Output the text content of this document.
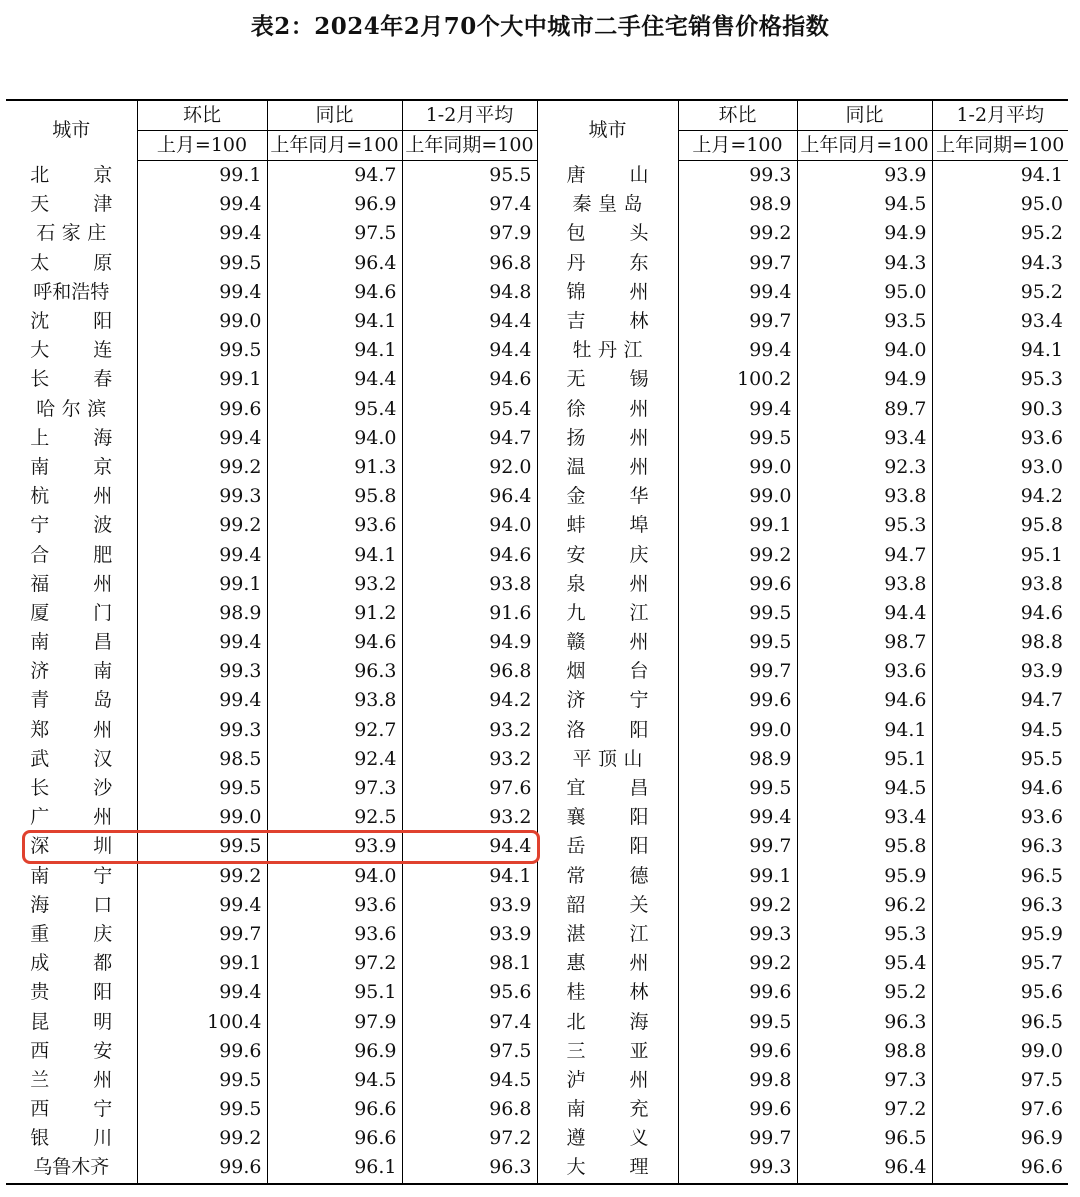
表2：2024年2月70个大中城市二手住宅销售价格指数
城市	环比	同比	1-2月平均	城市	环比	同比	1-2月平均
	上月=100	上年同月=100	上年同期=100		上月=100	上年同月=100	上年同期=100
北京	99.1	94.7	95.5	唐山	99.3	93.9	94.1
天津	99.4	96.9	97.4	秦皇岛	98.9	94.5	95.0
石家庄	99.4	97.5	97.9	包头	99.2	94.9	95.2
太原	99.5	96.4	96.8	丹东	99.7	94.3	94.3
呼和浩特	99.4	94.6	94.8	锦州	99.4	95.0	95.2
沈阳	99.0	94.1	94.4	吉林	99.7	93.5	93.4
大连	99.5	94.1	94.4	牡丹江	99.4	94.0	94.1
长春	99.1	94.4	94.6	无锡	100.2	94.9	95.3
哈尔滨	99.6	95.4	95.4	徐州	99.4	89.7	90.3
上海	99.4	94.0	94.7	扬州	99.5	93.4	93.6
南京	99.2	91.3	92.0	温州	99.0	92.3	93.0
杭州	99.3	95.8	96.4	金华	99.0	93.8	94.2
宁波	99.2	93.6	94.0	蚌埠	99.1	95.3	95.8
合肥	99.4	94.1	94.6	安庆	99.2	94.7	95.1
福州	99.1	93.2	93.8	泉州	99.6	93.8	93.8
厦门	98.9	91.2	91.6	九江	99.5	94.4	94.6
南昌	99.4	94.6	94.9	赣州	99.5	98.7	98.8
济南	99.3	96.3	96.8	烟台	99.7	93.6	93.9
青岛	99.4	93.8	94.2	济宁	99.6	94.6	94.7
郑州	99.3	92.7	93.2	洛阳	99.0	94.1	94.5
武汉	98.5	92.4	93.2	平顶山	98.9	95.1	95.5
长沙	99.5	97.3	97.6	宜昌	99.5	94.5	94.6
广州	99.0	92.5	93.2	襄阳	99.4	93.4	93.6
深圳	99.5	93.9	94.4	岳阳	99.7	95.8	96.3
南宁	99.2	94.0	94.1	常德	99.1	95.9	96.5
海口	99.4	93.6	93.9	韶关	99.2	96.2	96.3
重庆	99.7	93.6	93.9	湛江	99.3	95.3	95.9
成都	99.1	97.2	98.1	惠州	99.2	95.4	95.7
贵阳	99.4	95.1	95.6	桂林	99.6	95.2	95.6
昆明	100.4	97.9	97.4	北海	99.5	96.3	96.5
西安	99.6	96.9	97.5	三亚	99.6	98.8	99.0
兰州	99.5	94.5	94.5	泸州	99.8	97.3	97.5
西宁	99.5	96.6	96.8	南充	99.6	97.2	97.6
银川	99.2	96.6	97.2	遵义	99.7	96.5	96.9
乌鲁木齐	99.6	96.1	96.3	大理	99.3	96.4	96.6
